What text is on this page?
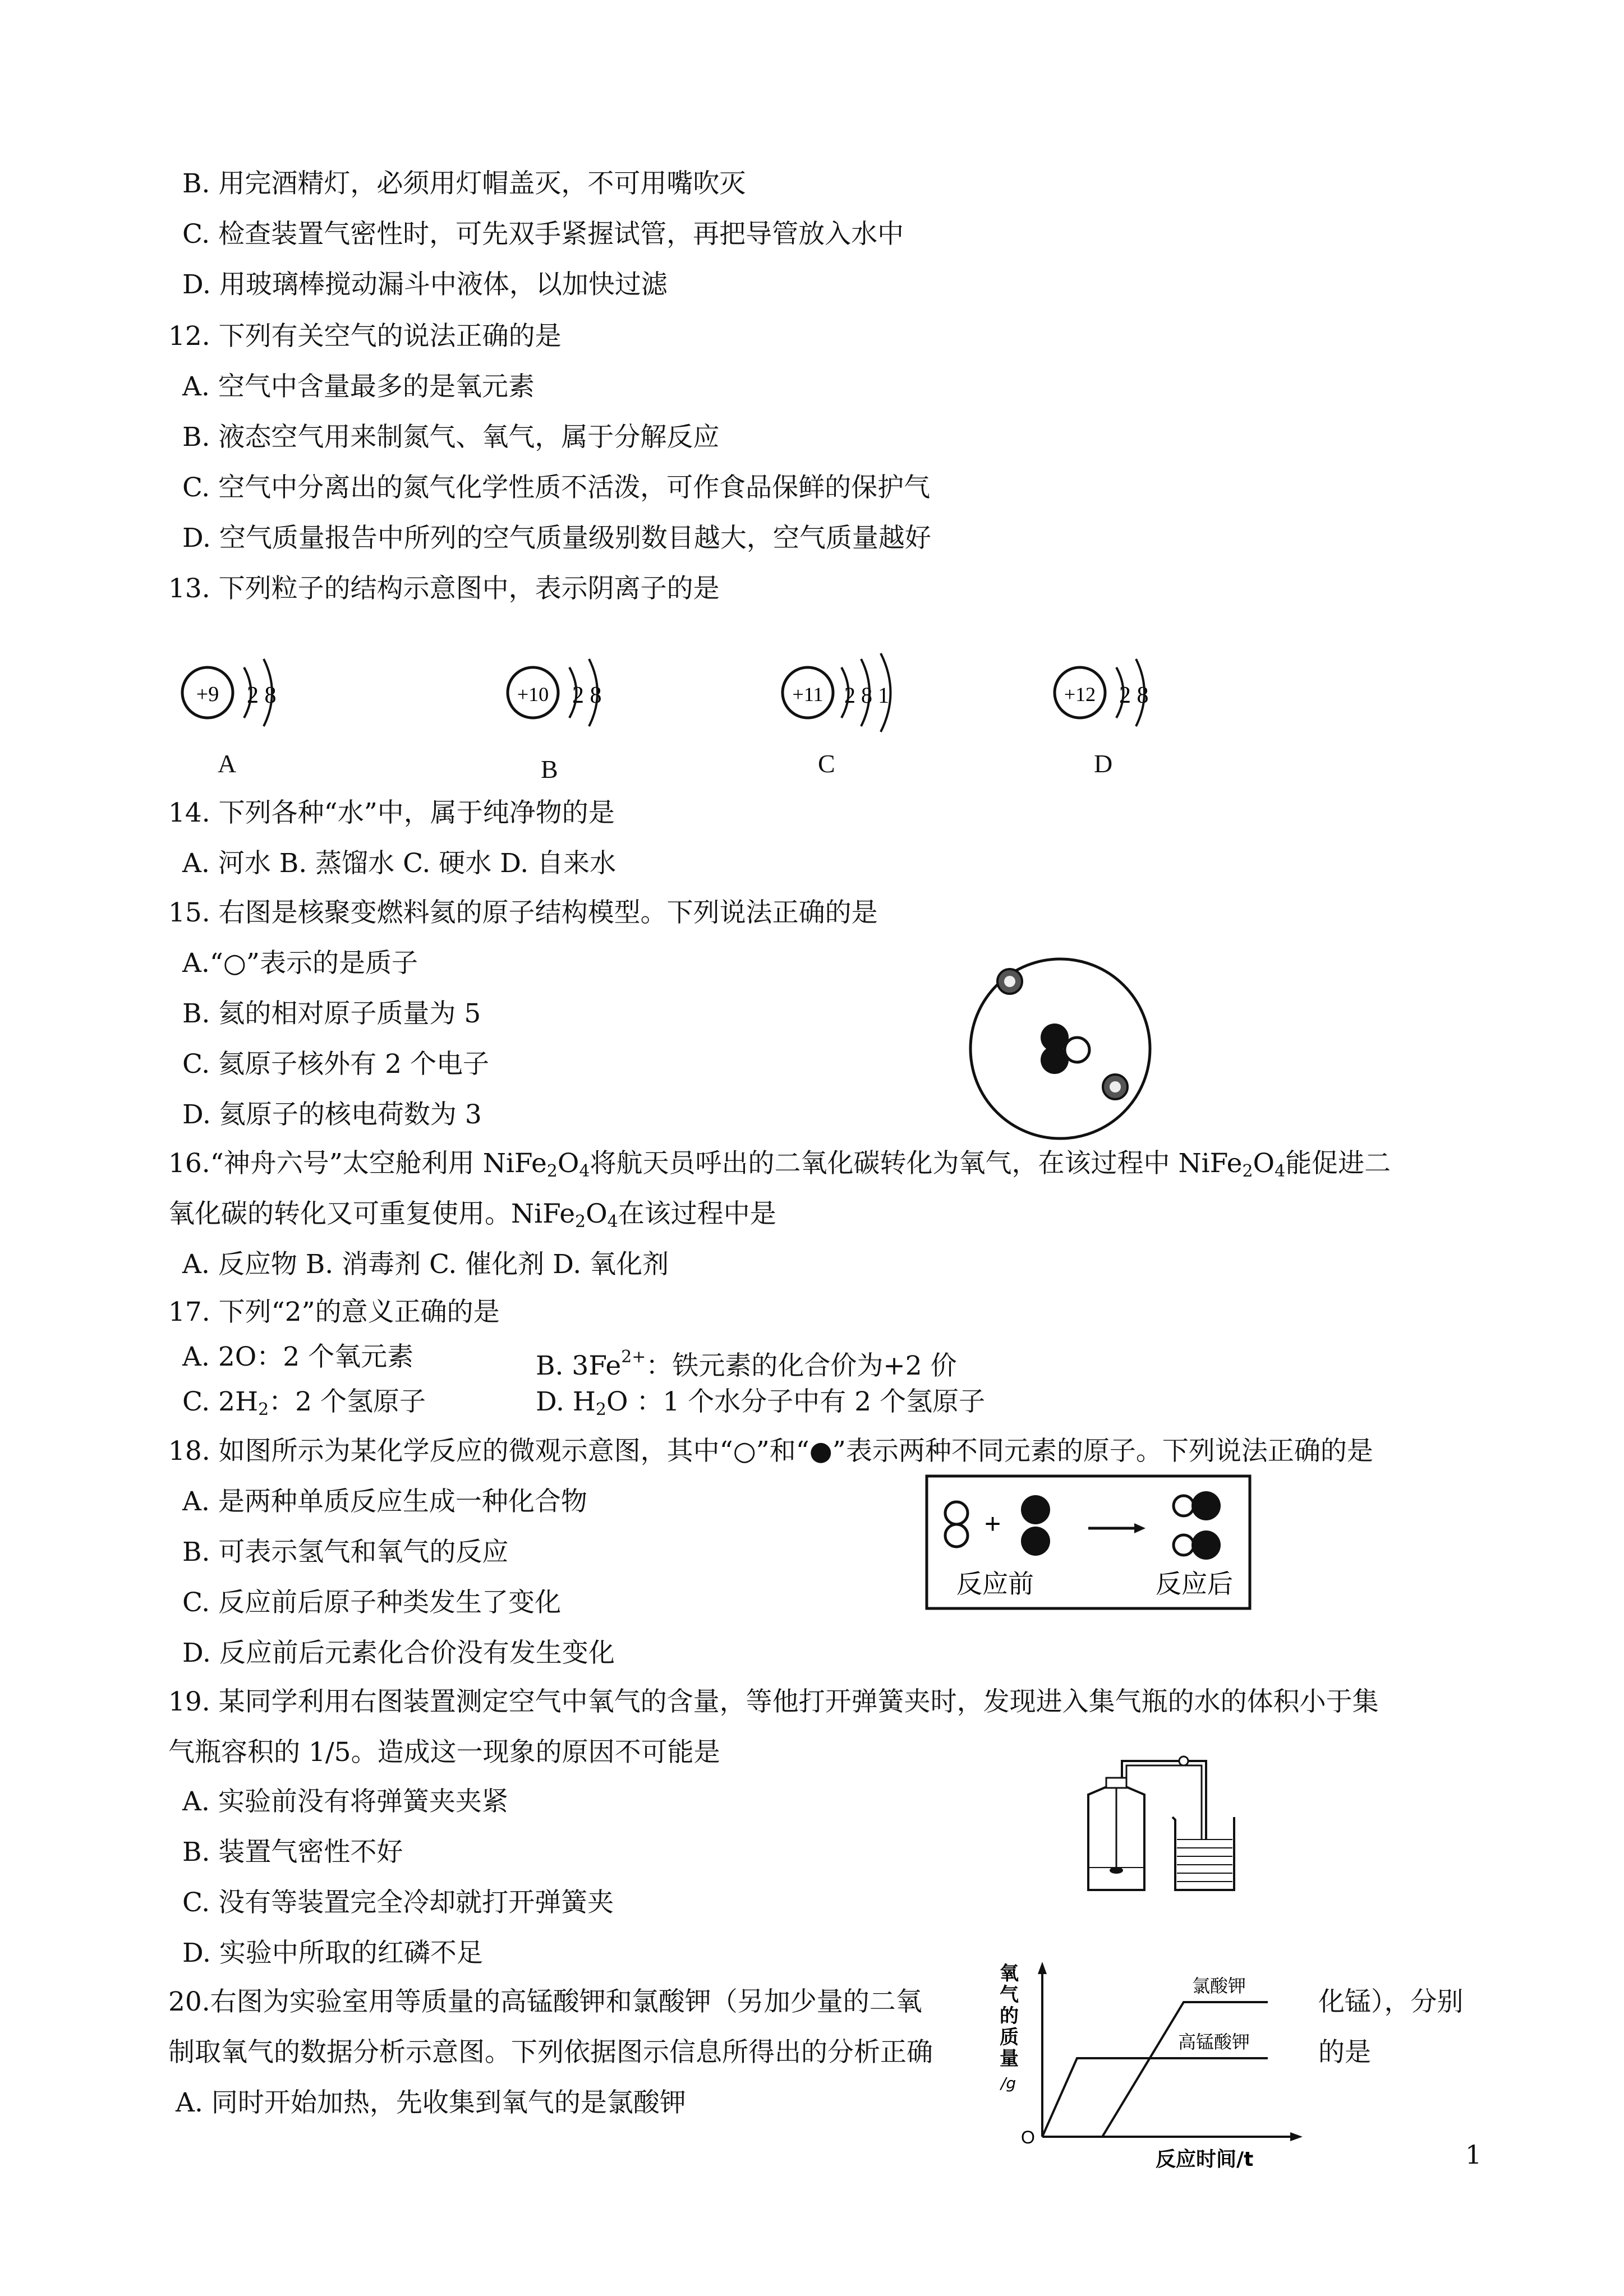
B. 用完酒精灯，必须用灯帽盖灭，不可用嘴吹灭
C. 检查装置气密性时，可先双手紧握试管，再把导管放入水中
D. 用玻璃棒搅动漏斗中液体，以加快过滤
12. 下列有关空气的说法正确的是
A. 空气中含量最多的是氧元素
B. 液态空气用来制氮气、氧气，属于分解反应
C. 空气中分离出的氮气化学性质不活泼，可作食品保鲜的保护气
D. 空气质量报告中所列的空气质量级别数目越大，空气质量越好
13. 下列粒子的结构示意图中，表示阴离子的是
+9 2 8
A
+10 2 8
B
+11 2 8 1
C
+12 2 8
D
14. 下列各种“水”中，属于纯净物的是
A. 河水 B. 蒸馏水 C. 硬水 D. 自来水
15. 右图是核聚变燃料氦的原子结构模型。下列说法正确的是
A.“○”表示的是质子
B. 氦的相对原子质量为 5
C. 氦原子核外有 2 个电子
D. 氦原子的核电荷数为 3
16.“神舟六号”太空舱利用 $NiFe_2O_4$将航天员呼出的二氧化碳转化为氧气，在该过程中 $NiFe_2O_4$能促进二
氧化碳的转化又可重复使用。$NiFe_2O_4$在该过程中是
A. 反应物 B. 消毒剂 C. 催化剂 D. 氧化剂
17. 下列“2”的意义正确的是
A. 2O：2 个氧元素	B. $3Fe^{2+}$：铁元素的化合价为+2 价
C. $2H_2$：2 个氢原子	D. $H_2O$ ：1 个水分子中有 2 个氢原子
18. 如图所示为某化学反应的微观示意图，其中“○”和“●”表示两种不同元素的原子。下列说法正确的是
A. 是两种单质反应生成一种化合物
B. 可表示氢气和氧气的反应
C. 反应前后原子种类发生了变化
D. 反应前后元素化合价没有发生变化
+
反应前	反应后
19. 某同学利用右图装置测定空气中氧气的含量，等他打开弹簧夹时，发现进入集气瓶的水的体积小于集
气瓶容积的 1/5。造成这一现象的原因不可能是
A. 实验前没有将弹簧夹夹紧
B. 装置气密性不好
C. 没有等装置完全冷却就打开弹簧夹
D. 实验中所取的红磷不足
20.右图为实验室用等质量的高锰酸钾和氯酸钾（另加少量的二氧	化锰），分别
制取氧气的数据分析示意图。下列依据图示信息所得出的分析正确	的是
A. 同时开始加热，先收集到氧气的是氯酸钾
氧
气
的
质
量
/g
O
反应时间/t
氯酸钾
高锰酸钾
1
